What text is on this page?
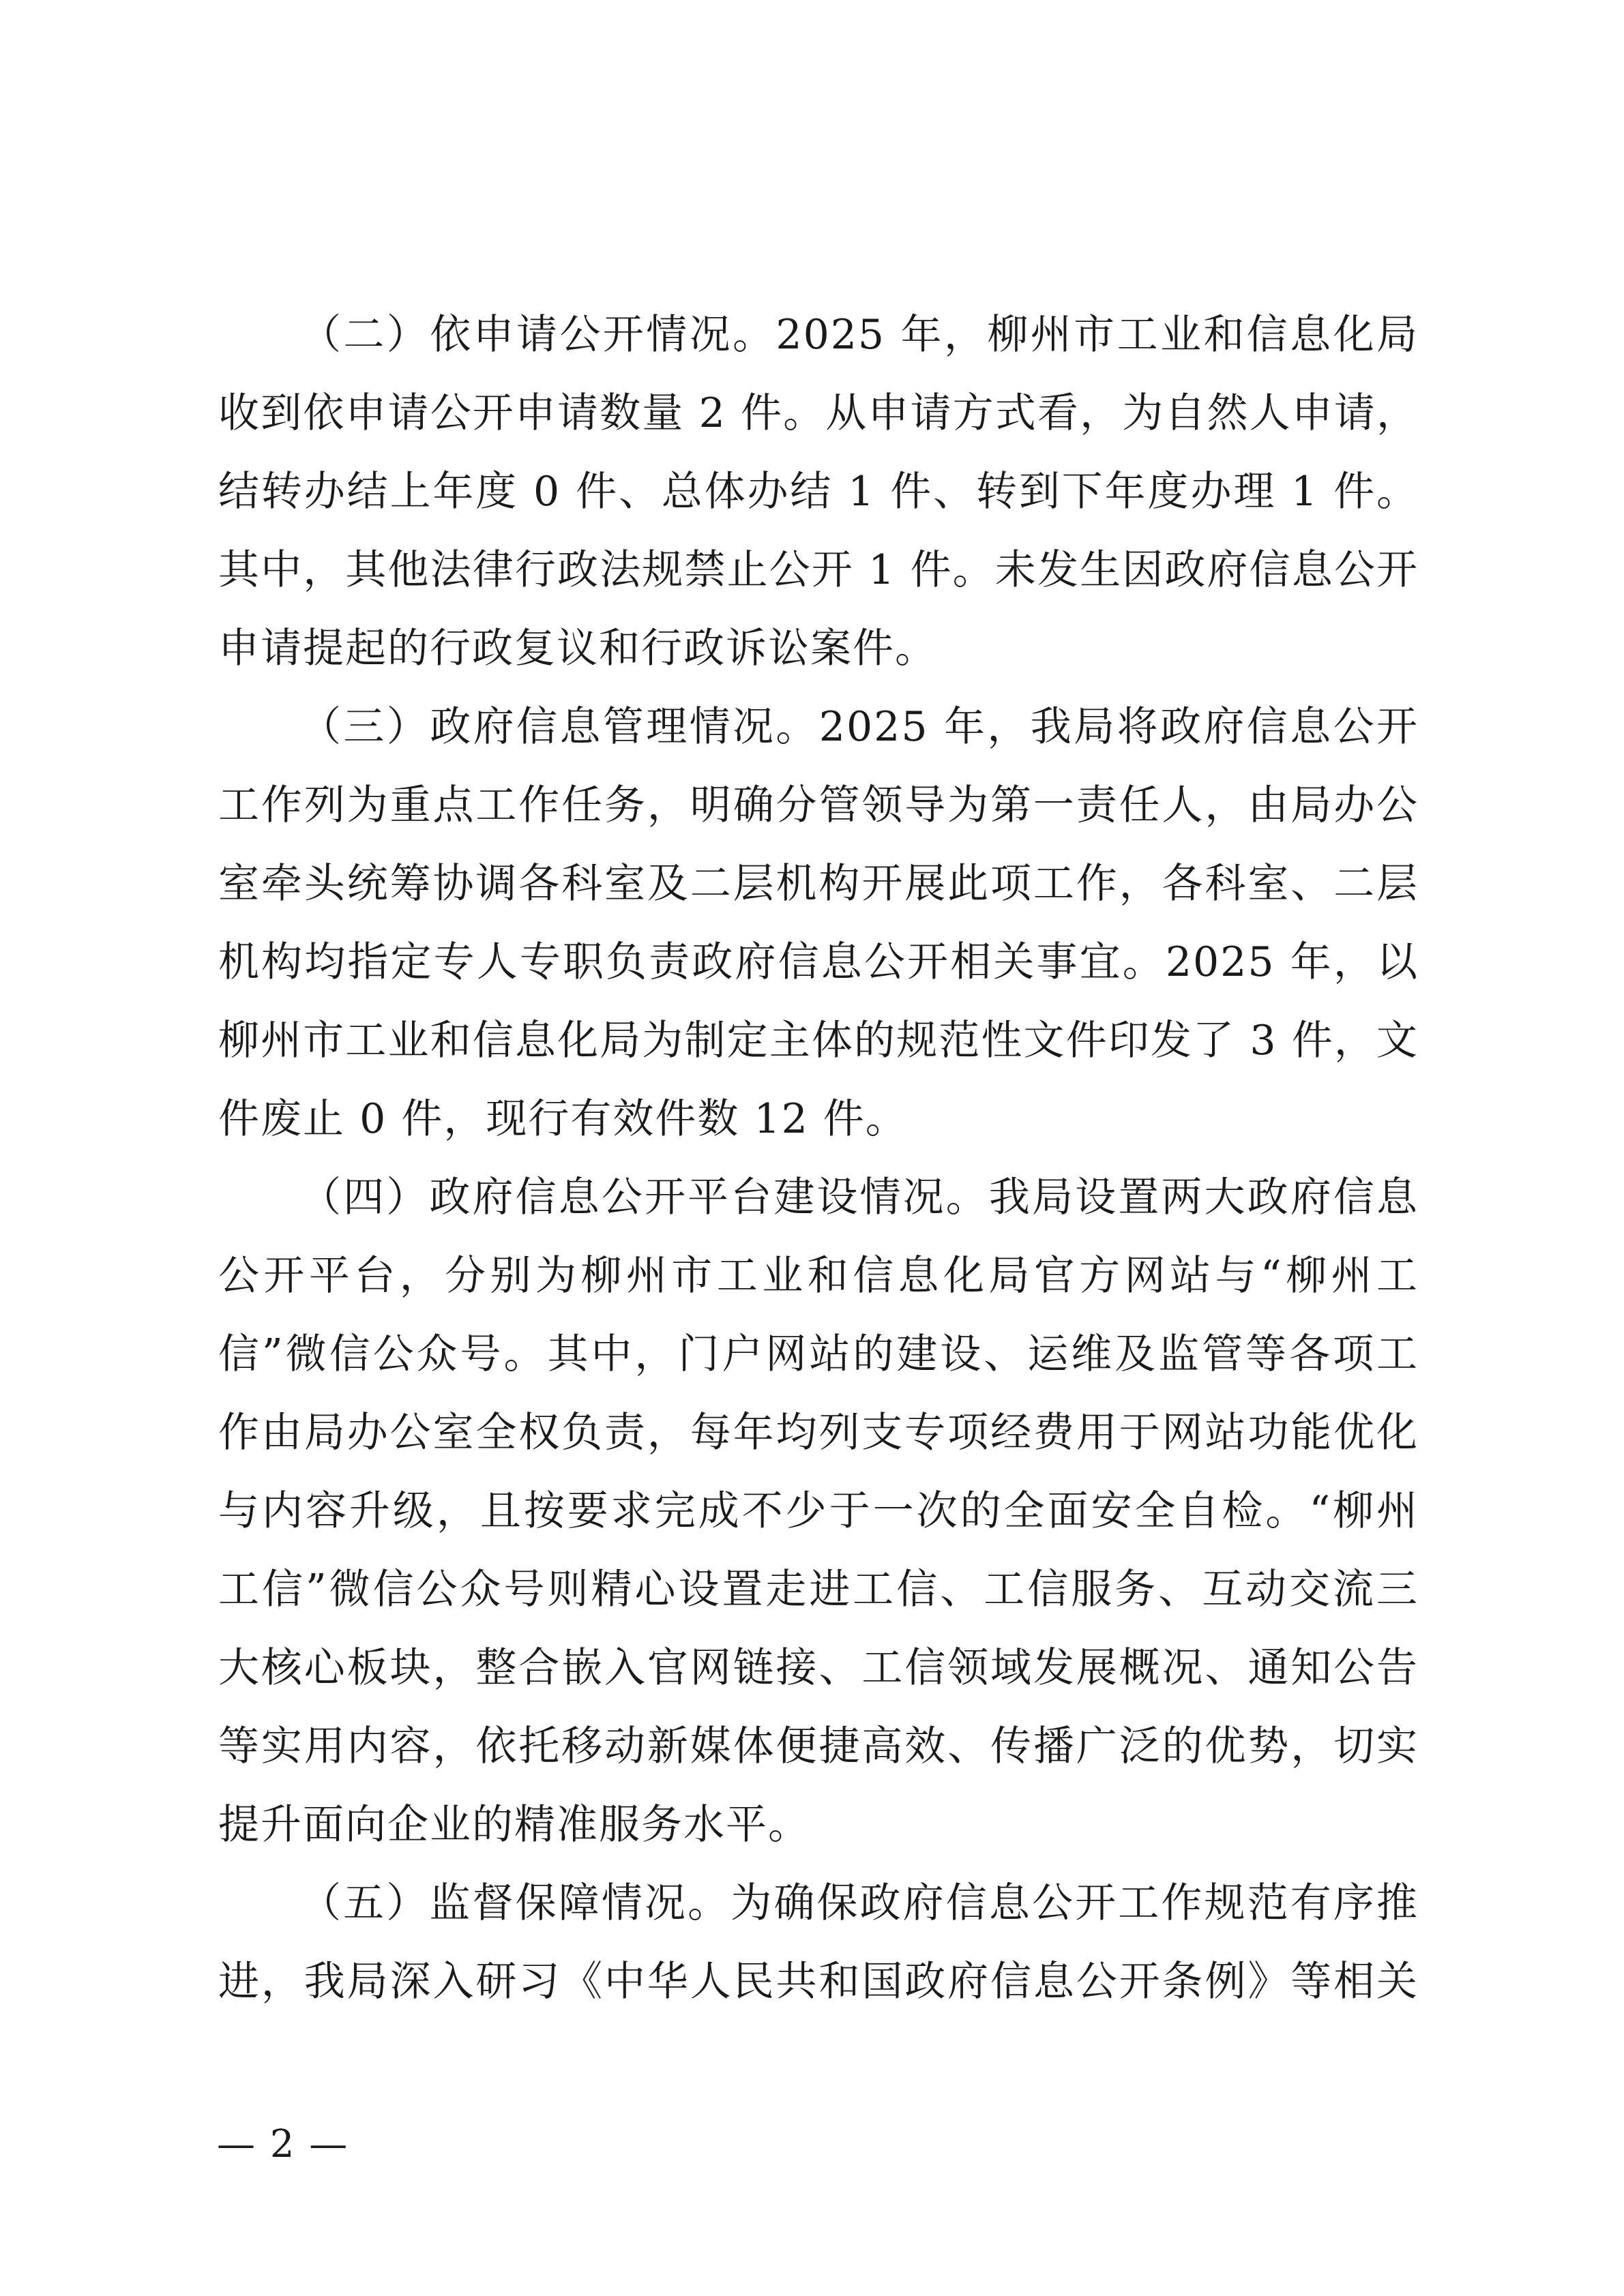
（二）依申请公开情况。2025 年，柳州市工业和信息化局收到依申请公开申请数量 2 件。从申请方式看，为自然人申请，结转办结上年度 0 件、总体办结 1 件、转到下年度办理 1 件。其中，其他法律行政法规禁止公开 1 件。未发生因政府信息公开申请提起的行政复议和行政诉讼案件。

（三）政府信息管理情况。2025 年，我局将政府信息公开工作列为重点工作任务，明确分管领导为第一责任人，由局办公室牵头统筹协调各科室及二层机构开展此项工作，各科室、二层机构均指定专人专职负责政府信息公开相关事宜。2025 年，以柳州市工业和信息化局为制定主体的规范性文件印发了 3 件，文件废止 0 件，现行有效件数 12 件。

（四）政府信息公开平台建设情况。我局设置两大政府信息公开平台，分别为柳州市工业和信息化局官方网站与“柳州工信”微信公众号。其中，门户网站的建设、运维及监管等各项工作由局办公室全权负责，每年均列支专项经费用于网站功能优化与内容升级，且按要求完成不少于一次的全面安全自检。“柳州工信”微信公众号则精心设置走进工信、工信服务、互动交流三大核心板块，整合嵌入官网链接、工信领域发展概况、通知公告等实用内容，依托移动新媒体便捷高效、传播广泛的优势，切实提升面向企业的精准服务水平。

（五）监督保障情况。为确保政府信息公开工作规范有序推进，我局深入研习《中华人民共和国政府信息公开条例》等相关

— 2 —
